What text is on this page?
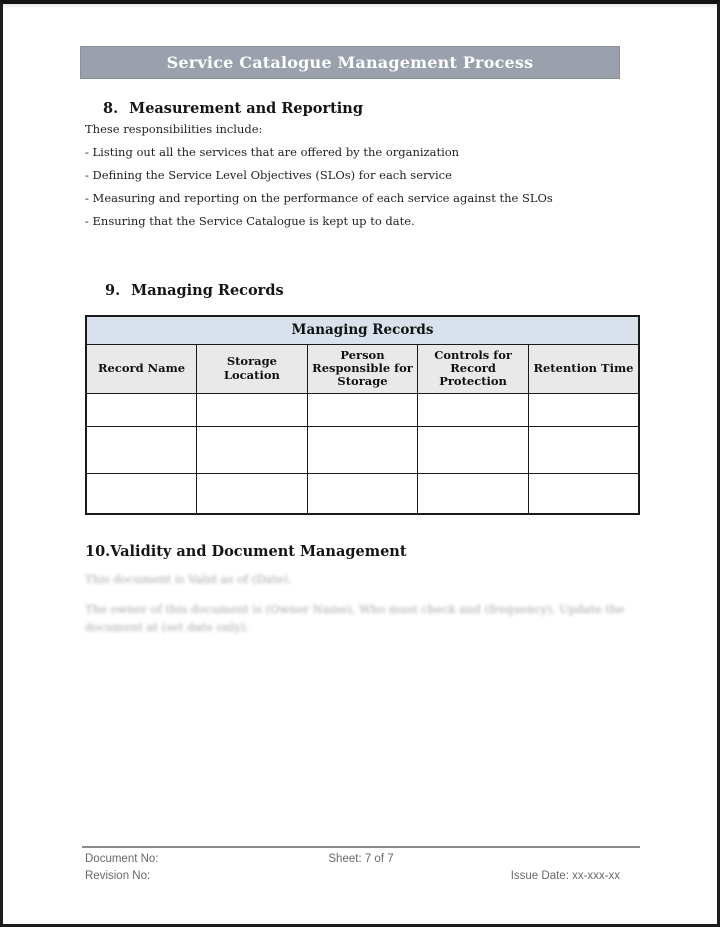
Service Catalogue Management Process
8. Measurement and Reporting

These responsibilities include:

- Listing out all the services that are offered by the organization

- Defining the Service Level Objectives (SLOs) for each service

- Measuring and reporting on the performance of each service against the SLOs

- Ensuring that the Service Catalogue is kept up to date.

9. Managing Records
Managing Records				
Record Name	Storage Location	Person Responsible for Storage	Controls for Record Protection	Retention Time

10. Validity and Document Management
This document is Valid as of (Date).
The owner of this document is (Owner Name), Who must check and (frequency), Update the document at (set date only).
Document No:	Sheet: 7 of 7
Revision No:	Issue Date: xx-xxx-xx
